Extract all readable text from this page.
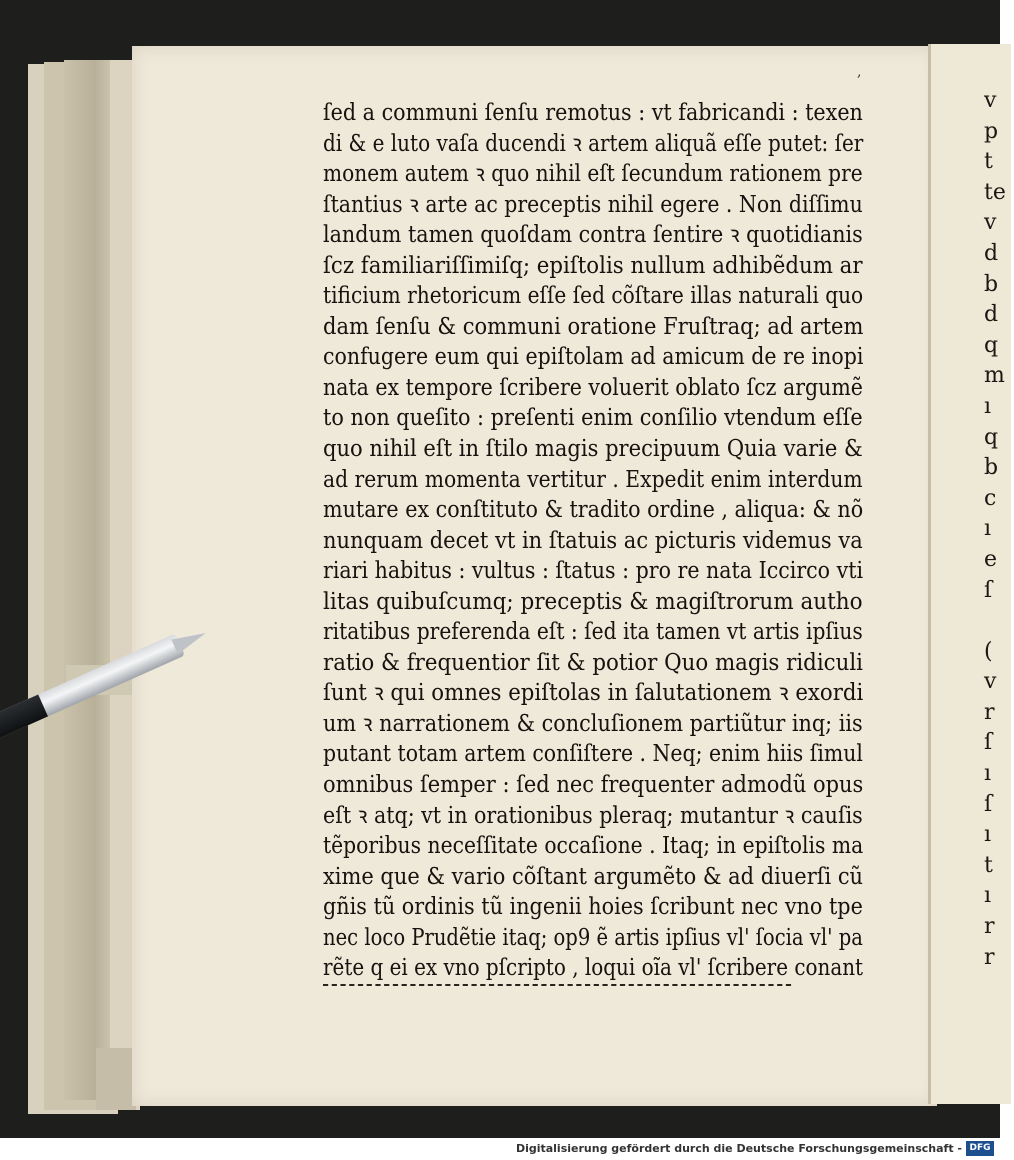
,
ſed a communi ſenſu remotus : vt fabricandi : texen
di & e luto vaſa ducendi ꝛ artem aliquã eſſe putet: ſer
monem autem ꝛ quo nihil eſt ſecundum rationem pre
ſtantius ꝛ arte ac preceptis nihil egere . Non diſſimu
landum tamen quoſdam contra ſentire ꝛ quotidianis
ſcz familiariſſimiſq; epiſtolis nullum adhibẽdum ar
tificium rhetoricum eſſe ſed cõſtare illas naturali quo
dam ſenſu & communi oratione Fruſtraq; ad artem
confugere eum qui epiſtolam ad amicum de re inopi
nata ex tempore ſcribere voluerit oblato ſcz argumẽ
to non queſito : preſenti enim conſilio vtendum eſſe
quo nihil eſt in ſtilo magis precipuum Quia varie &
ad rerum momenta vertitur . Expedit enim interdum
mutare ex conſtituto & tradito ordine , aliqua: & nõ
nunquam decet vt in ſtatuis ac picturis videmus va
riari habitus : vultus : ſtatus : pro re nata Iccirco vti
litas quibuſcumq; preceptis & magiſtrorum autho
ritatibus preferenda eſt : ſed ita tamen vt artis ipſius
ratio & frequentior ſit & potior Quo magis ridiculi
ſunt ꝛ qui omnes epiſtolas in ſalutationem ꝛ exordi
um ꝛ narrationem & concluſionem partiũtur inq; iis
putant totam artem conſiſtere . Neq; enim hiis ſimul
omnibus ſemper : ſed nec frequenter admodũ opus
eſt ꝛ atq; vt in orationibus pleraq; mutantur ꝛ cauſis
tẽporibus neceſſitate occaſione . Itaq; in epiſtolis ma
xime que & vario cõſtant argumẽto & ad diuerſi cũ
gñis tũ ordinis tũ ingenii hoies ſcribunt nec vno tpe
nec loco Prudẽtie itaq; op9 ẽ artis ipſius vl' ſocia vl' pa
rẽte q ei ex vno pſcripto , loqui oĩa vl' ſcribere conant
v
p
t
te
v
d
b
d
q
m
ı
q
b
c
ı
e
ſ
(
v
r
ſ
ı
ſ
ı
t
ı
r
r
Digitalisierung gefördert durch die Deutsche Forschungsgemeinschaft - DFG
